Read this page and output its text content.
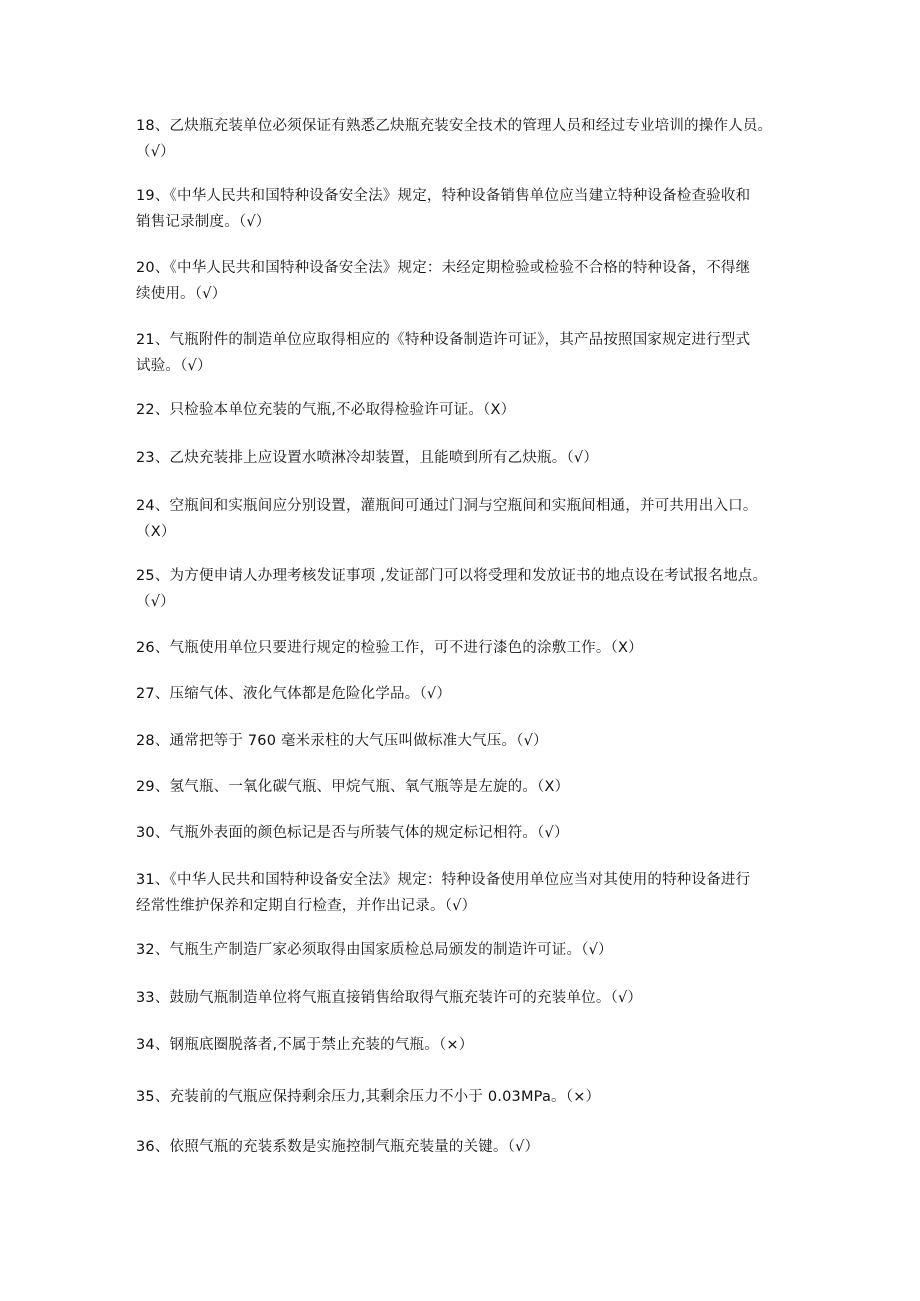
18、乙炔瓶充装单位必须保证有熟悉乙炔瓶充装安全技术的管理人员和经过专业培训的操作人员。
（√）
19、《中华人民共和国特种设备安全法》规定，特种设备销售单位应当建立特种设备检查验收和
销售记录制度。（√）
20、《中华人民共和国特种设备安全法》规定：未经定期检验或检验不合格的特种设备，不得继
续使用。（√）
21、气瓶附件的制造单位应取得相应的《特种设备制造许可证》，其产品按照国家规定进行型式
试验。（√）
22、只检验本单位充装的气瓶,不必取得检验许可证。（X）
23、乙炔充装排上应设置水喷淋冷却装置，且能喷到所有乙炔瓶。（√）
24、空瓶间和实瓶间应分别设置，灌瓶间可通过门洞与空瓶间和实瓶间相通，并可共用出入口。
（X）
25、为方便申请人办理考核发证事项 ,发证部门可以将受理和发放证书的地点设在考试报名地点。
（√）
26、气瓶使用单位只要进行规定的检验工作，可不进行漆色的涂敷工作。（X）
27、压缩气体、液化气体都是危险化学品。（√）
28、通常把等于 760 毫米汞柱的大气压叫做标准大气压。（√）
29、氢气瓶、一氧化碳气瓶、甲烷气瓶、氧气瓶等是左旋的。（X）
30、气瓶外表面的颜色标记是否与所装气体的规定标记相符。（√）
31、《中华人民共和国特种设备安全法》规定：特种设备使用单位应当对其使用的特种设备进行
经常性维护保养和定期自行检查，并作出记录。（√）
32、气瓶生产制造厂家必须取得由国家质检总局颁发的制造许可证。（√）
33、鼓励气瓶制造单位将气瓶直接销售给取得气瓶充装许可的充装单位。（√）
34、钢瓶底圈脱落者,不属于禁止充装的气瓶。（×）
35、充装前的气瓶应保持剩余压力,其剩余压力不小于 0.03MPa。（×）
36、依照气瓶的充装系数是实施控制气瓶充装量的关键。（√）
